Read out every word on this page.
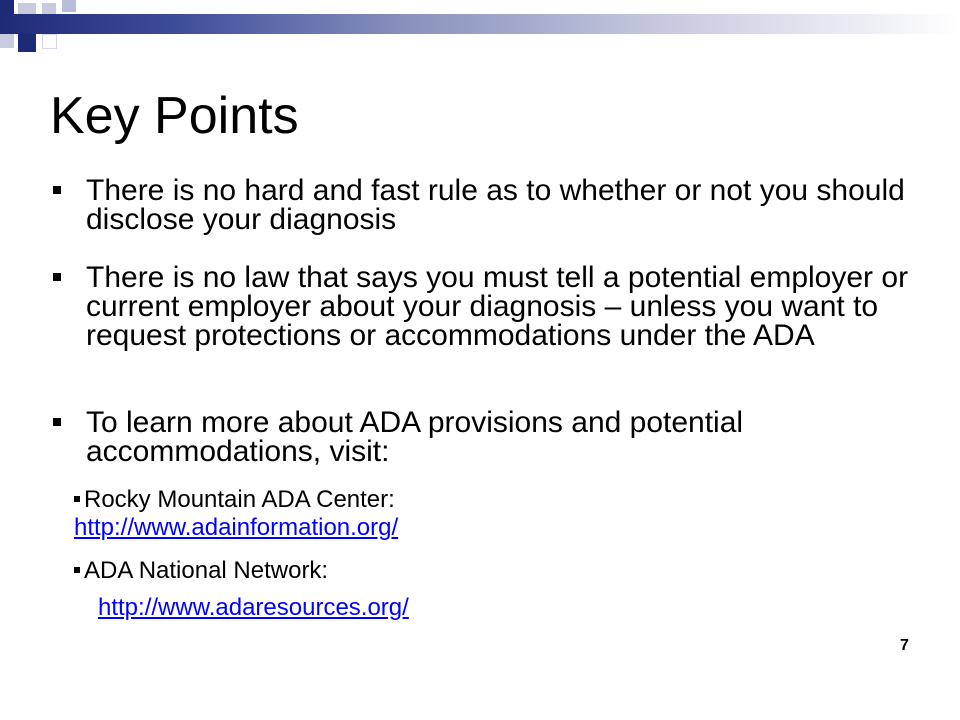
Key Points
There is no hard and fast rule as to whether or not you should disclose your diagnosis
There is no law that says you must tell a potential employer or current employer about your diagnosis – unless you want to request protections or accommodations under the ADA
To learn more about ADA provisions and potential accommodations, visit:
Rocky Mountain ADA Center:
http://www.adainformation.org/
ADA National Network:
http://www.adaresources.org/
7
